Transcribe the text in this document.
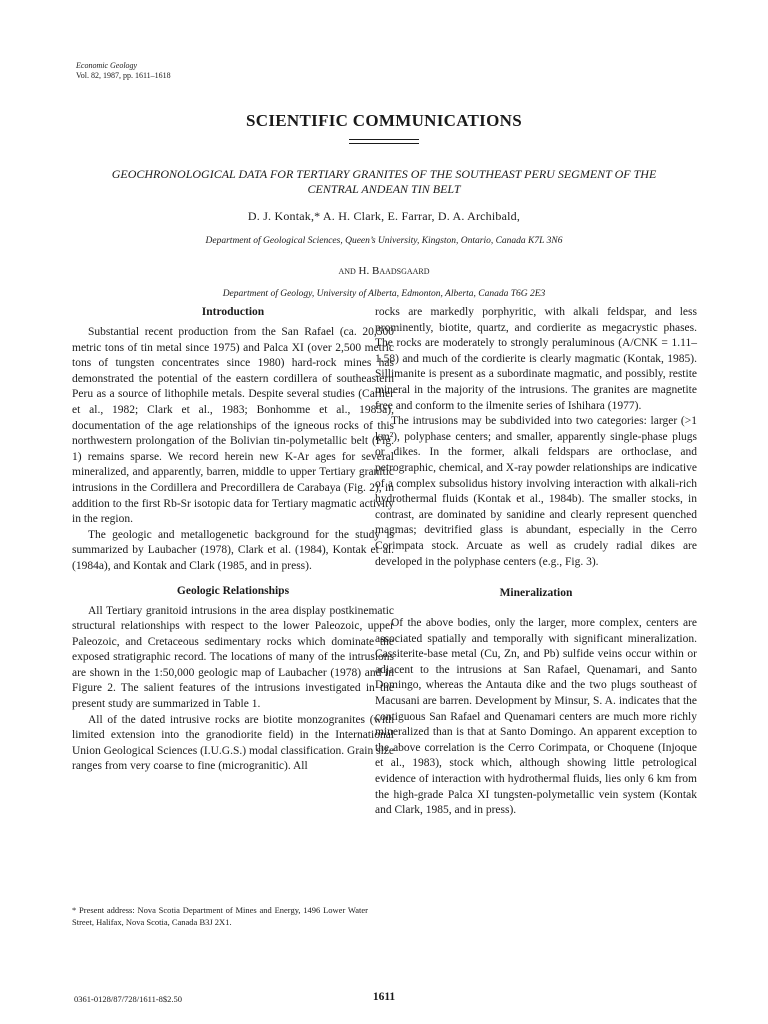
Economic Geology
Vol. 82, 1987, pp. 1611–1618
SCIENTIFIC COMMUNICATIONS
GEOCHRONOLOGICAL DATA FOR TERTIARY GRANITES OF THE SOUTHEAST PERU SEGMENT OF THE CENTRAL ANDEAN TIN BELT
D. J. Kontak,* A. H. Clark, E. Farrar, D. A. Archibald,
Department of Geological Sciences, Queen’s University, Kingston, Ontario, Canada K7L 3N6
and H. Baadsgaard
Department of Geology, University of Alberta, Edmonton, Alberta, Canada T6G 2E3
Introduction

Substantial recent production from the San Rafael (ca. 20,500 metric tons of tin metal since 1975) and Palca XI (over 2,500 metric tons of tungsten concentrates since 1980) hard-rock mines has demonstrated the potential of the eastern cordillera of southeastern Peru as a source of lithophile metals. Despite several studies (Carlier et al., 1982; Clark et al., 1983; Bonhomme et al., 1985a), documentation of the age relationships of the igneous rocks of this northwestern prolongation of the Bolivian tin-polymetallic belt (Fig. 1) remains sparse. We record herein new K-Ar ages for several mineralized, and apparently, barren, middle to upper Tertiary granitic intrusions in the Cordillera and Precordillera de Carabaya (Fig. 2), in addition to the first Rb-Sr isotopic data for Tertiary magmatic activity in the region.

The geologic and metallogenetic background for the study is summarized by Laubacher (1978), Clark et al. (1984), Kontak et al. (1984a), and Kontak and Clark (1985, and in press).

Geologic Relationships

All Tertiary granitoid intrusions in the area display postkinematic structural relationships with respect to the lower Paleozoic, upper Paleozoic, and Cretaceous sedimentary rocks which dominate the exposed stratigraphic record. The locations of many of the intrusions are shown in the 1:50,000 geologic map of Laubacher (1978) and in Figure 2. The salient features of the intrusions investigated in the present study are summarized in Table 1.

All of the dated intrusive rocks are biotite monzogranites (with limited extension into the granodiorite field) in the International Union Geological Sciences (I.U.G.S.) modal classification. Grain size ranges from very coarse to fine (microgranitic). All

rocks are markedly porphyritic, with alkali feldspar, and less prominently, biotite, quartz, and cordierite as megacrystic phases. The rocks are moderately to strongly peraluminous (A/CNK = 1.11–1.58) and much of the cordierite is clearly magmatic (Kontak, 1985). Sillimanite is present as a subordinate magmatic, and possibly, restite mineral in the majority of the intrusions. The granites are magnetite free and conform to the ilmenite series of Ishihara (1977).

The intrusions may be subdivided into two categories: larger (>1 km²), polyphase centers; and smaller, apparently single-phase plugs or dikes. In the former, alkali feldspars are orthoclase, and petrographic, chemical, and X-ray powder relationships are indicative of a complex subsolidus history involving interaction with alkali-rich hydrothermal fluids (Kontak et al., 1984b). The smaller stocks, in contrast, are dominated by sanidine and clearly represent quenched magmas; devitrified glass is abundant, especially in the Cerro Corimpata stock. Arcuate as well as crudely radial dikes are developed in the polyphase centers (e.g., Fig. 3).

Mineralization

Of the above bodies, only the larger, more complex, centers are associated spatially and temporally with significant mineralization. Cassiterite-base metal (Cu, Zn, and Pb) sulfide veins occur within or adjacent to the intrusions at San Rafael, Quenamari, and Santo Domingo, whereas the Antauta dike and the two plugs southeast of Macusani are barren. Development by Minsur, S. A. indicates that the contiguous San Rafael and Quenamari centers are much more richly mineralized than is that at Santo Domingo. An apparent exception to the above correlation is the Cerro Corimpata, or Choquene (Injoque et al., 1983), stock which, although showing little petrological evidence of interaction with hydrothermal fluids, lies only 6 km from the high-grade Palca XI tungsten-polymetallic vein system (Kontak and Clark, 1985, and in press).

* Present address: Nova Scotia Department of Mines and Energy, 1496 Lower Water Street, Halifax, Nova Scotia, Canada B3J 2X1.
0361-0128/87/728/1611-8$2.50	1611
